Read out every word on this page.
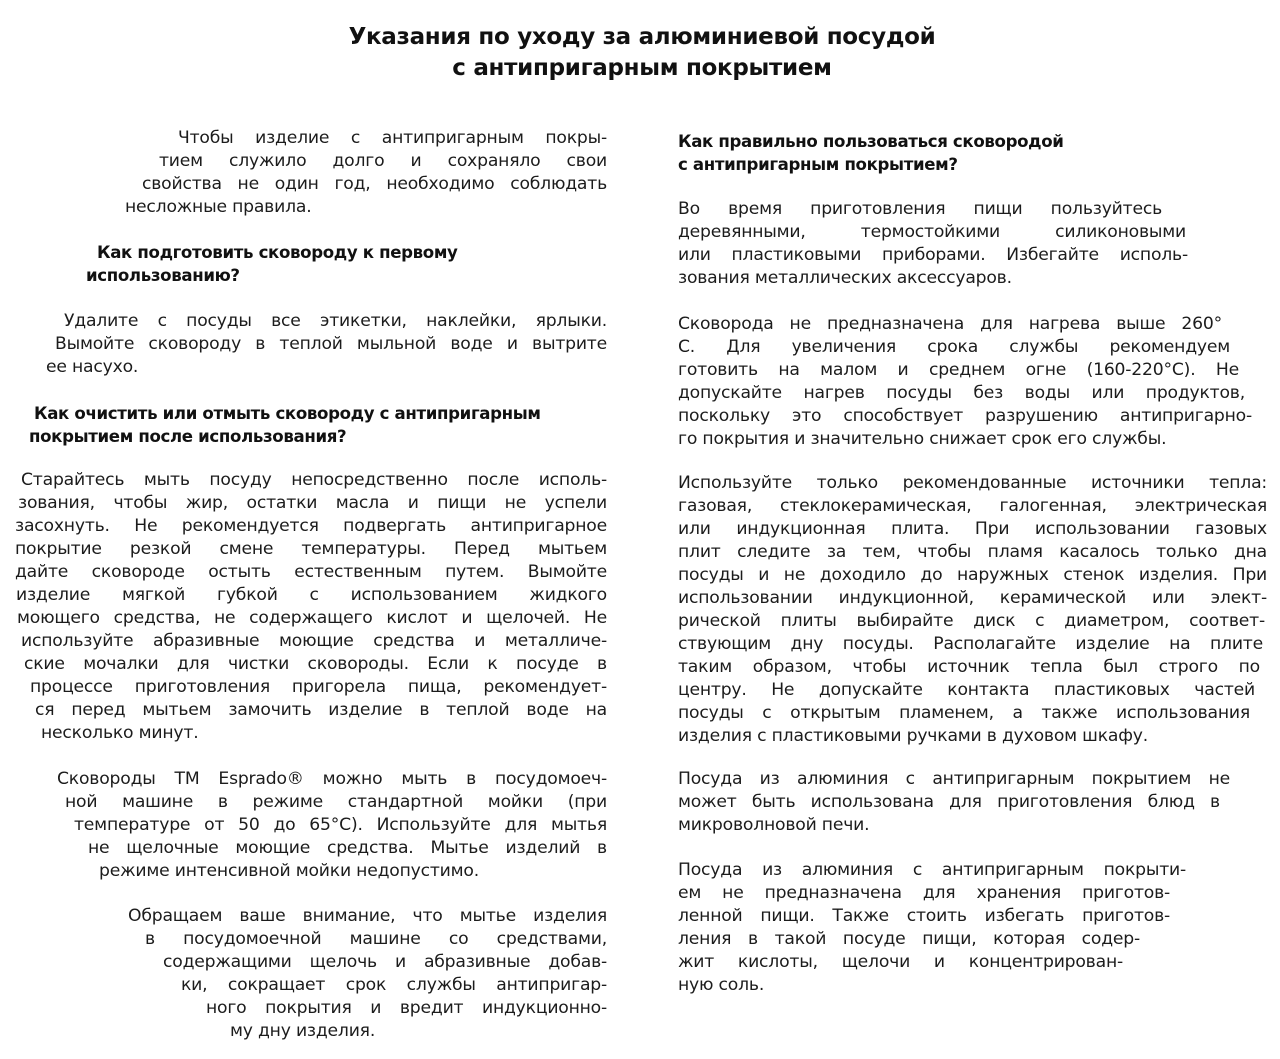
Указания по уходу за алюминиевой посудой
с антипригарным покрытием
Чтобы изделие с антипригарным покры-
тием служило долго и сохраняло свои
свойства не один год, необходимо соблюдать
несложные правила.
Как подготовить сковороду к первому
использованию?
Удалите с посуды все этикетки, наклейки, ярлыки.
Вымойте сковороду в теплой мыльной воде и вытрите
ее насухо.
Как очистить или отмыть сковороду с антипригарным
покрытием после использования?
Старайтесь мыть посуду непосредственно после исполь-
зования, чтобы жир, остатки масла и пищи не успели
засохнуть. Не рекомендуется подвергать антипригарное
покрытие резкой смене температуры. Перед мытьем
дайте сковороде остыть естественным путем. Вымойте
изделие мягкой губкой с использованием жидкого
моющего средства, не содержащего кислот и щелочей. Не
используйте абразивные моющие средства и металличе-
ские мочалки для чистки сковороды. Если к посуде в
процессе приготовления пригорела пища, рекомендует-
ся перед мытьем замочить изделие в теплой воде на
несколько минут.
Сковороды TM Esprado® можно мыть в посудомоеч-
ной машине в режиме стандартной мойки (при
температуре от 50 до 65°С). Используйте для мытья
не щелочные моющие средства. Мытье изделий в
режиме интенсивной мойки недопустимо.
Обращаем ваше внимание, что мытье изделия
в посудомоечной машине со средствами,
содержащими щелочь и абразивные добав-
ки, сокращает срок службы антипригар-
ного покрытия и вредит индукционно-
му дну изделия.
Как правильно пользоваться сковородой
с антипригарным покрытием?
Во время приготовления пищи пользуйтесь
деревянными, термостойкими силиконовыми
или пластиковыми приборами. Избегайте исполь-
зования металлических аксессуаров.
Сковорода не предназначена для нагрева выше 260°
С. Для увеличения срока службы рекомендуем
готовить на малом и среднем огне (160-220°С). Не
допускайте нагрев посуды без воды или продуктов,
поскольку это способствует разрушению антипригарно-
го покрытия и значительно снижает срок его службы.
Используйте только рекомендованные источники тепла:
газовая, стеклокерамическая, галогенная, электрическая
или индукционная плита. При использовании газовых
плит следите за тем, чтобы пламя касалось только дна
посуды и не доходило до наружных стенок изделия. При
использовании индукционной, керамической или элект-
рической плиты выбирайте диск с диаметром, соответ-
ствующим дну посуды. Располагайте изделие на плите
таким образом, чтобы источник тепла был строго по
центру. Не допускайте контакта пластиковых частей
посуды с открытым пламенем, а также использования
изделия с пластиковыми ручками в духовом шкафу.
Посуда из алюминия с антипригарным покрытием не
может быть использована для приготовления блюд в
микроволновой печи.
Посуда из алюминия с антипригарным покрыти-
ем не предназначена для хранения приготов-
ленной пищи. Также стоить избегать приготов-
ления в такой посуде пищи, которая содер-
жит кислоты, щелочи и концентрирован-
ную соль.
